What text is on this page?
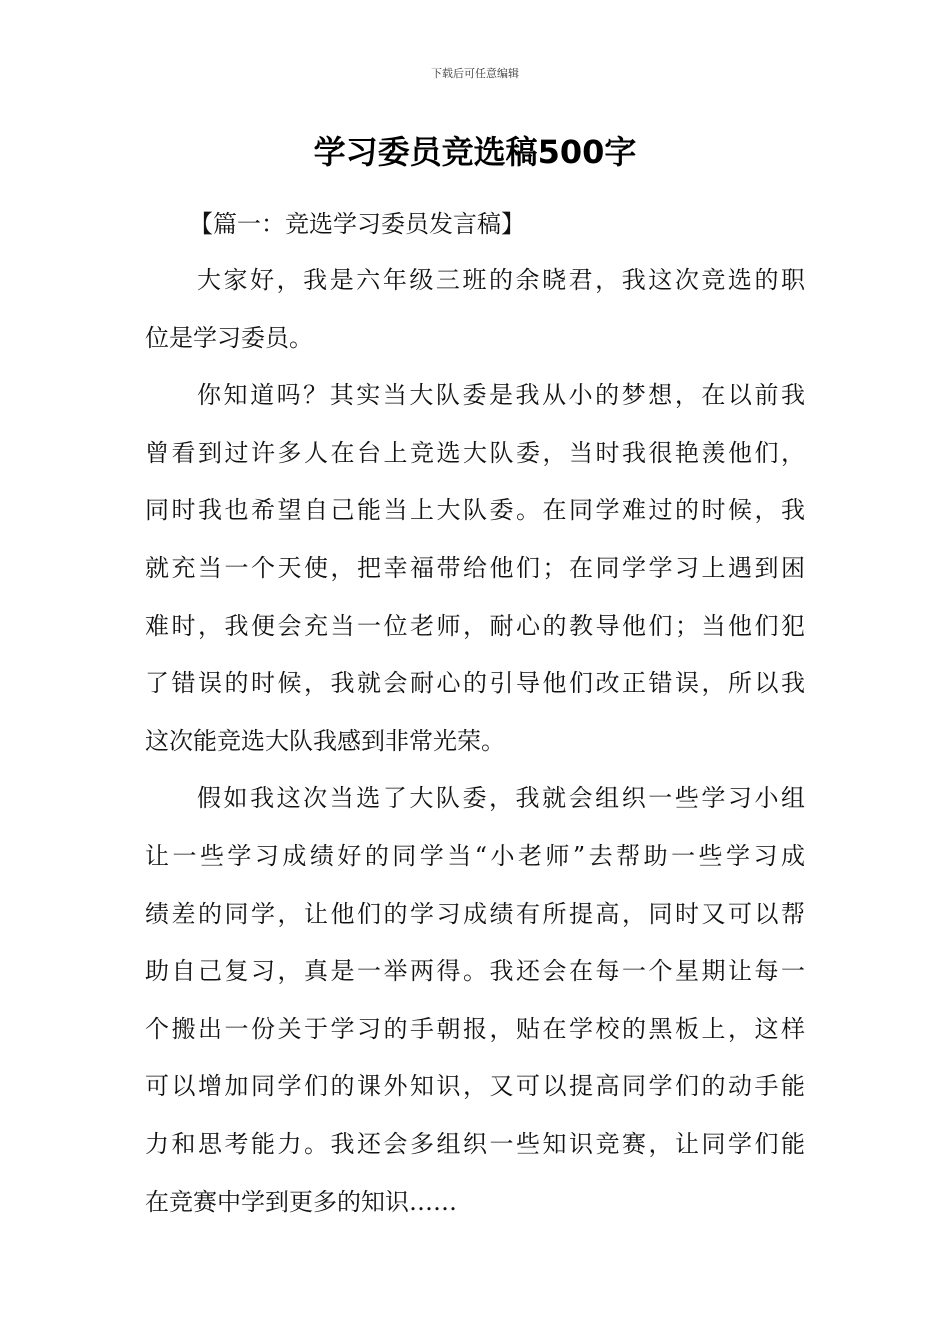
下载后可任意编辑
学习委员竞选稿500字
【篇一：竞选学习委员发言稿】
大家好，我是六年级三班的余晓君，我这次竞选的职
位是学习委员。
你知道吗？其实当大队委是我从小的梦想，在以前我
曾看到过许多人在台上竞选大队委，当时我很艳羡他们，
同时我也希望自己能当上大队委。在同学难过的时候，我
就充当一个天使，把幸福带给他们；在同学学习上遇到困
难时，我便会充当一位老师，耐心的教导他们；当他们犯
了错误的时候，我就会耐心的引导他们改正错误，所以我
这次能竞选大队我感到非常光荣。
假如我这次当选了大队委，我就会组织一些学习小组
让一些学习成绩好的同学当“小老师”去帮助一些学习成
绩差的同学，让他们的学习成绩有所提高，同时又可以帮
助自己复习，真是一举两得。我还会在每一个星期让每一
个搬出一份关于学习的手朝报，贴在学校的黑板上，这样
可以增加同学们的课外知识，又可以提高同学们的动手能
力和思考能力。我还会多组织一些知识竞赛，让同学们能
在竞赛中学到更多的知识……
